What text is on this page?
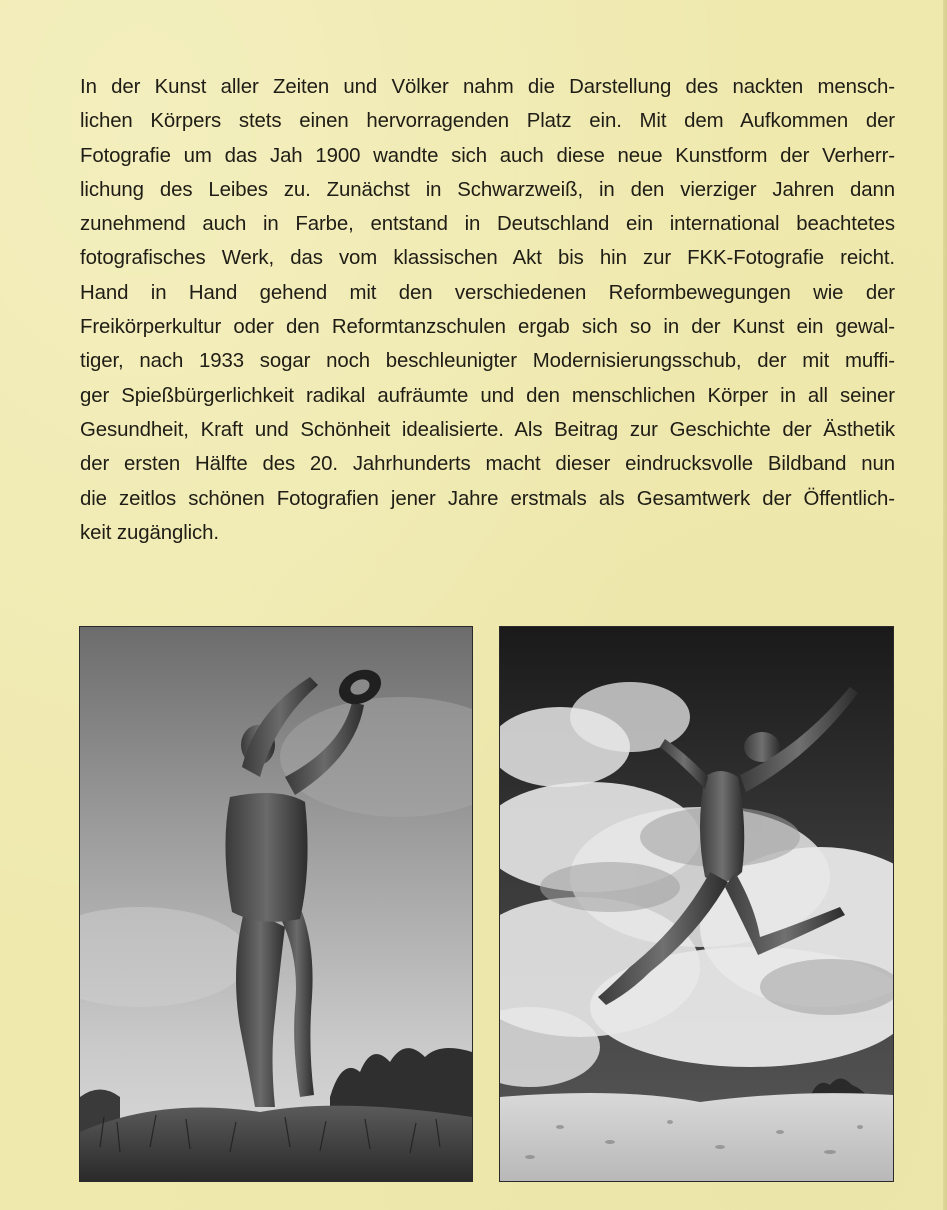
In der Kunst aller Zeiten und Völker nahm die Darstellung des nackten mensch-
lichen Körpers stets einen hervorragenden Platz ein. Mit dem Aufkommen der
Fotografie um das Jah 1900 wandte sich auch diese neue Kunstform der Verherr-
lichung des Leibes zu. Zunächst in Schwarzweiß, in den vierziger Jahren dann
zunehmend auch in Farbe, entstand in Deutschland ein international beachtetes
fotografisches Werk, das vom klassischen Akt bis hin zur FKK-Fotografie reicht.
Hand in Hand gehend mit den verschiedenen Reformbewegungen wie der
Freikörperkultur oder den Reformtanzschulen ergab sich so in der Kunst ein gewal-
tiger, nach 1933 sogar noch beschleunigter Modernisierungsschub, der mit muffi-
ger Spießbürgerlichkeit radikal aufräumte und den menschlichen Körper in all seiner
Gesundheit, Kraft und Schönheit idealisierte. Als Beitrag zur Geschichte der Ästhetik
der ersten Hälfte des 20. Jahrhunderts macht dieser eindrucksvolle Bildband nun
die zeitlos schönen Fotografien jener Jahre erstmals als Gesamtwerk der Öffentlich-
keit zugänglich.
